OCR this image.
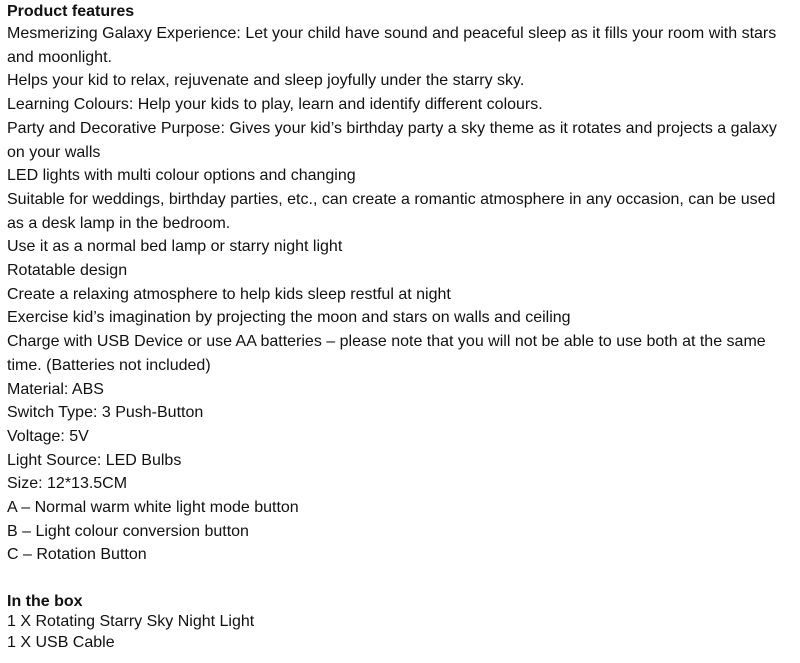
Product features
Mesmerizing Galaxy Experience: Let your child have sound and peaceful sleep as it fills your room with stars and moonlight.
Helps your kid to relax, rejuvenate and sleep joyfully under the starry sky.
Learning Colours: Help your kids to play, learn and identify different colours.
Party and Decorative Purpose: Gives your kid’s birthday party a sky theme as it rotates and projects a galaxy on your walls
LED lights with multi colour options and changing
Suitable for weddings, birthday parties, etc., can create a romantic atmosphere in any occasion, can be used as a desk lamp in the bedroom.
Use it as a normal bed lamp or starry night light
Rotatable design
Create a relaxing atmosphere to help kids sleep restful at night
Exercise kid’s imagination by projecting the moon and stars on walls and ceiling
Charge with USB Device or use AA batteries – please note that you will not be able to use both at the same time. (Batteries not included)
Material: ABS
Switch Type: 3 Push-Button
Voltage: 5V
Light Source: LED Bulbs
Size: 12*13.5CM
A – Normal warm white light mode button
B – Light colour conversion button
C – Rotation Button
In the box
1 X Rotating Starry Sky Night Light
1 X USB Cable
